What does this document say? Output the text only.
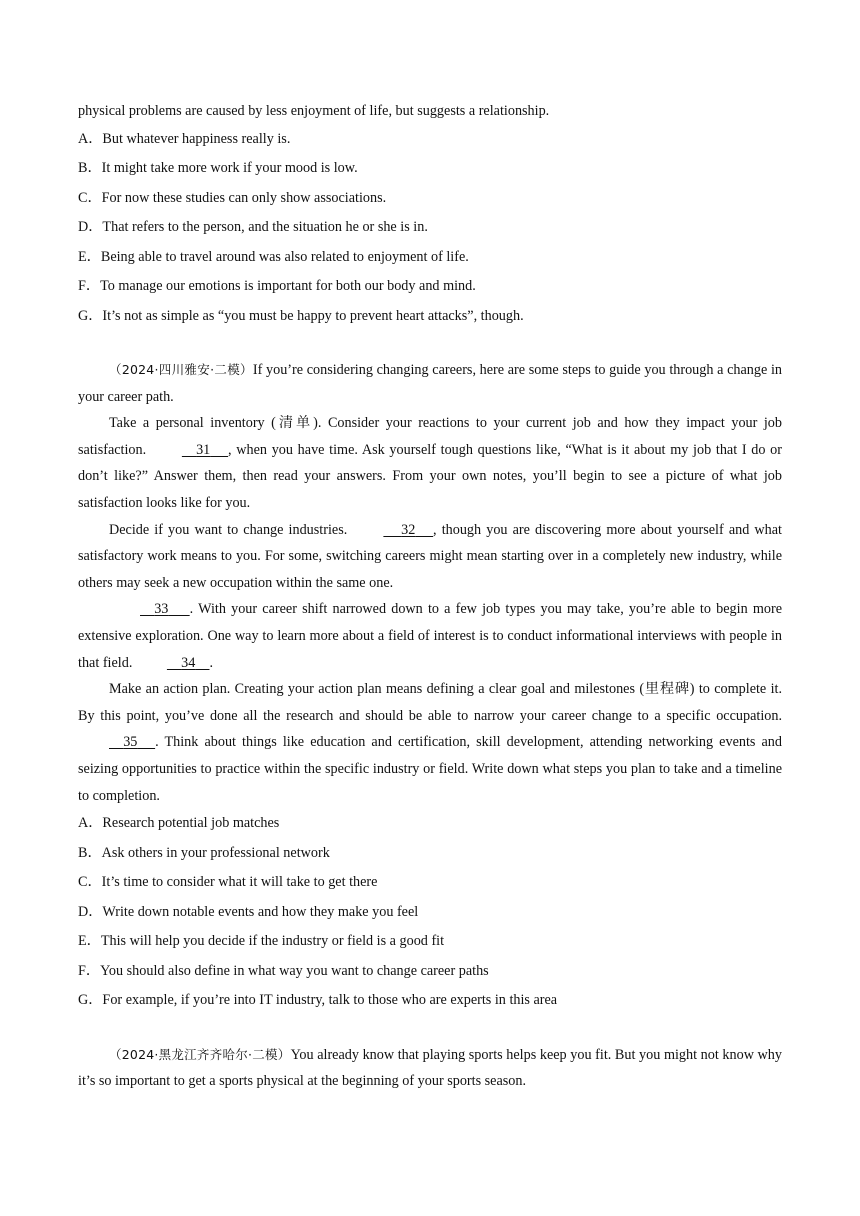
physical problems are caused by less enjoyment of life, but suggests a relationship.

A．But whatever happiness really is.

B．It might take more work if your mood is low.

C．For now these studies can only show associations.

D．That refers to the person, and the situation he or she is in.

E．Being able to travel around was also related to enjoyment of life.

F．To manage our emotions is important for both our body and mind.

G．It’s not as simple as “you must be happy to prevent heart attacks”, though.

（2024·四川雅安·二模）If you’re considering changing careers, here are some steps to guide you through a change in your career path.

Take a personal inventory (清单). Consider your reactions to your current job and how they impact your job satisfaction.	31 , when you have time. Ask yourself tough questions like, “What is it about my job that I do or don’t like?” Answer them, then read your answers. From your own notes, you’ll begin to see a picture of what job satisfaction looks like for you.

Decide if you want to change industries.	32 , though you are discovering more about yourself and what satisfactory work means to you. For some, switching careers might mean starting over in a completely new industry, while others may seek a new occupation within the same one.

33 . With your career shift narrowed down to a few job types you may take, you’re able to begin more extensive exploration. One way to learn more about a field of interest is to conduct informational interviews with people in that field.	34 .

Make an action plan. Creating your action plan means defining a clear goal and milestones (里程碑) to complete it. By this point, you’ve done all the research and should be able to narrow your career change to a specific occupation.     35 . Think about things like education and certification, skill development, attending networking events and seizing opportunities to practice within the specific industry or field. Write down what steps you plan to take and a timeline to completion.

A．Research potential job matches

B．Ask others in your professional network

C．It’s time to consider what it will take to get there

D．Write down notable events and how they make you feel

E．This will help you decide if the industry or field is a good fit

F．You should also define in what way you want to change career paths

G．For example, if you’re into IT industry, talk to those who are experts in this area

（2024·黑龙江齐齐哈尔·二模）You already know that playing sports helps keep you fit. But you might not know why it’s so important to get a sports physical at the beginning of your sports season.
